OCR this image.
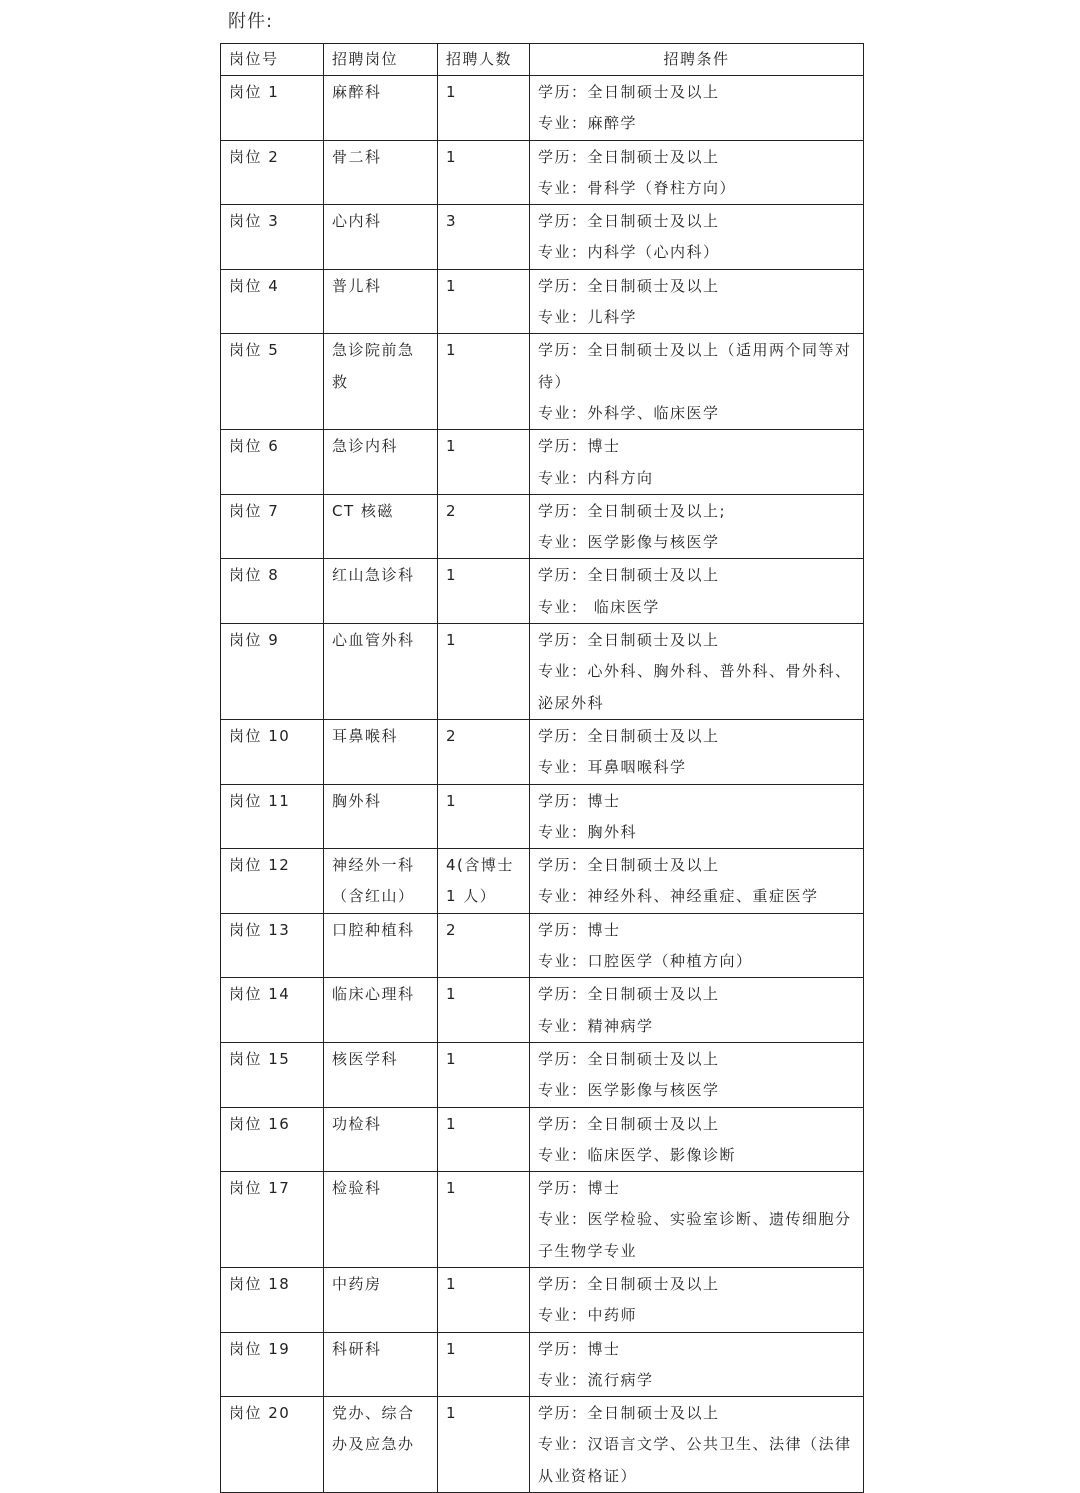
附件:
岗位号	招聘岗位	招聘人数	招聘条件
岗位 1	麻醉科	1	学历：全日制硕士及以上
专业：麻醉学

岗位 2	骨二科	1	学历：全日制硕士及以上
专业：骨科学（脊柱方向）

岗位 3	心内科	3	学历：全日制硕士及以上
专业：内科学（心内科）

岗位 4	普儿科	1	学历：全日制硕士及以上
专业：儿科学

岗位 5	急诊院前急救	1	学历：全日制硕士及以上（适用两个同等对待）
专业：外科学、临床医学

岗位 6	急诊内科	1	学历：博士
专业：内科方向

岗位 7	CT 核磁	2	学历：全日制硕士及以上;
专业：医学影像与核医学

岗位 8	红山急诊科	1	学历：全日制硕士及以上
专业： 临床医学

岗位 9	心血管外科	1	学历：全日制硕士及以上
专业：心外科、胸外科、普外科、骨外科、泌尿外科

岗位 10	耳鼻喉科	2	学历：全日制硕士及以上
专业：耳鼻咽喉科学

岗位 11	胸外科	1	学历：博士
专业：胸外科

岗位 12	神经外一科（含红山）	4(含博士 1 人）	学历：全日制硕士及以上
专业：神经外科、神经重症、重症医学

岗位 13	口腔种植科	2	学历：博士
专业：口腔医学（种植方向）

岗位 14	临床心理科	1	学历：全日制硕士及以上
专业：精神病学

岗位 15	核医学科	1	学历：全日制硕士及以上
专业：医学影像与核医学

岗位 16	功检科	1	学历：全日制硕士及以上
专业：临床医学、影像诊断

岗位 17	检验科	1	学历：博士
专业：医学检验、实验室诊断、遗传细胞分子生物学专业

岗位 18	中药房	1	学历：全日制硕士及以上
专业：中药师

岗位 19	科研科	1	学历：博士
专业：流行病学

岗位 20	党办、综合办及应急办	1	学历：全日制硕士及以上
专业：汉语言文学、公共卫生、法律（法律从业资格证）
